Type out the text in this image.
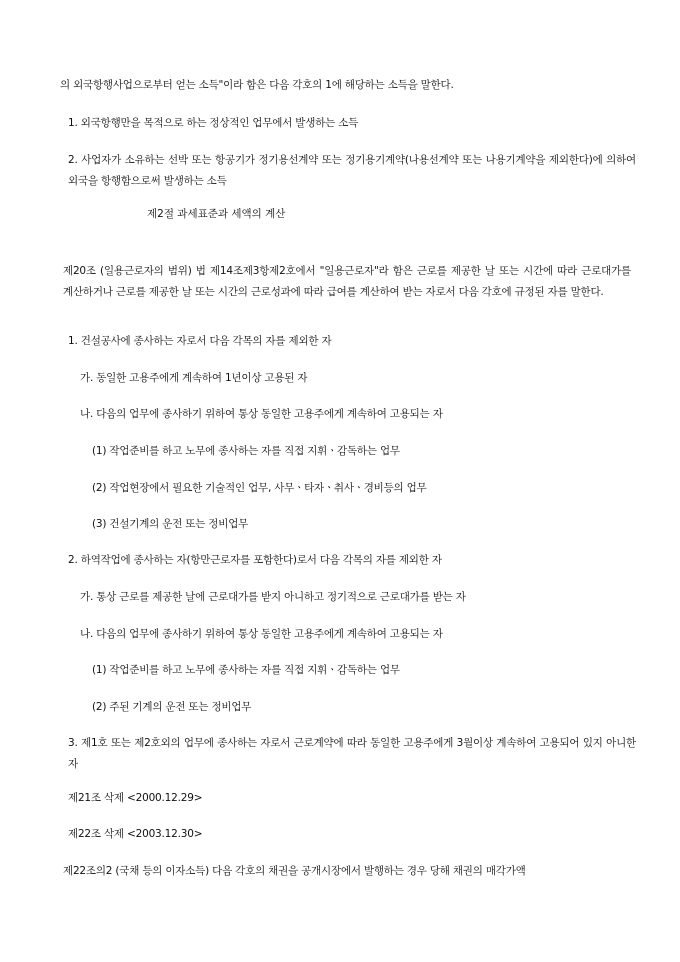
의 외국항행사업으로부터 얻는 소득"이라 함은 다음 각호의 1에 해당하는 소득을 말한다.
1. 외국항행만을 목적으로 하는 정상적인 업무에서 발생하는 소득
2. 사업자가 소유하는 선박 또는 항공기가 정기용선계약 또는 정기용기계약(나용선계약 또는 나용기계약을 제외한다)에 의하여 외국을 항행함으로써 발생하는 소득
제2절 과세표준과 세액의 계산
제20조 (일용근로자의 범위) 법 제14조제3항제2호에서 "일용근로자"라 함은 근로를 제공한 날 또는 시간에 따라 근로대가를 계산하거나 근로를 제공한 날 또는 시간의 근로성과에 따라 급여를 계산하여 받는 자로서 다음 각호에 규정된 자를 말한다.
1. 건설공사에 종사하는 자로서 다음 각목의 자를 제외한 자
가. 동일한 고용주에게 계속하여 1년이상 고용된 자
나. 다음의 업무에 종사하기 위하여 통상 동일한 고용주에게 계속하여 고용되는 자
(1) 작업준비를 하고 노무에 종사하는 자를 직접 지휘ㆍ감독하는 업무
(2) 작업현장에서 필요한 기술적인 업무, 사무ㆍ타자ㆍ취사ㆍ경비등의 업무
(3) 건설기계의 운전 또는 정비업무
2. 하역작업에 종사하는 자(항만근로자를 포함한다)로서 다음 각목의 자를 제외한 자
가. 통상 근로를 제공한 날에 근로대가를 받지 아니하고 정기적으로 근로대가를 받는 자
나. 다음의 업무에 종사하기 위하여 통상 동일한 고용주에게 계속하여 고용되는 자
(1) 작업준비를 하고 노무에 종사하는 자를 직접 지휘ㆍ감독하는 업무
(2) 주된 기계의 운전 또는 정비업무
3. 제1호 또는 제2호외의 업무에 종사하는 자로서 근로계약에 따라 동일한 고용주에게 3월이상 계속하여 고용되어 있지 아니한 자
제21조 삭제 <2000.12.29>
제22조 삭제 <2003.12.30>
제22조의2 (국채 등의 이자소득) 다음 각호의 채권을 공개시장에서 발행하는 경우 당해 채권의 매각가액
